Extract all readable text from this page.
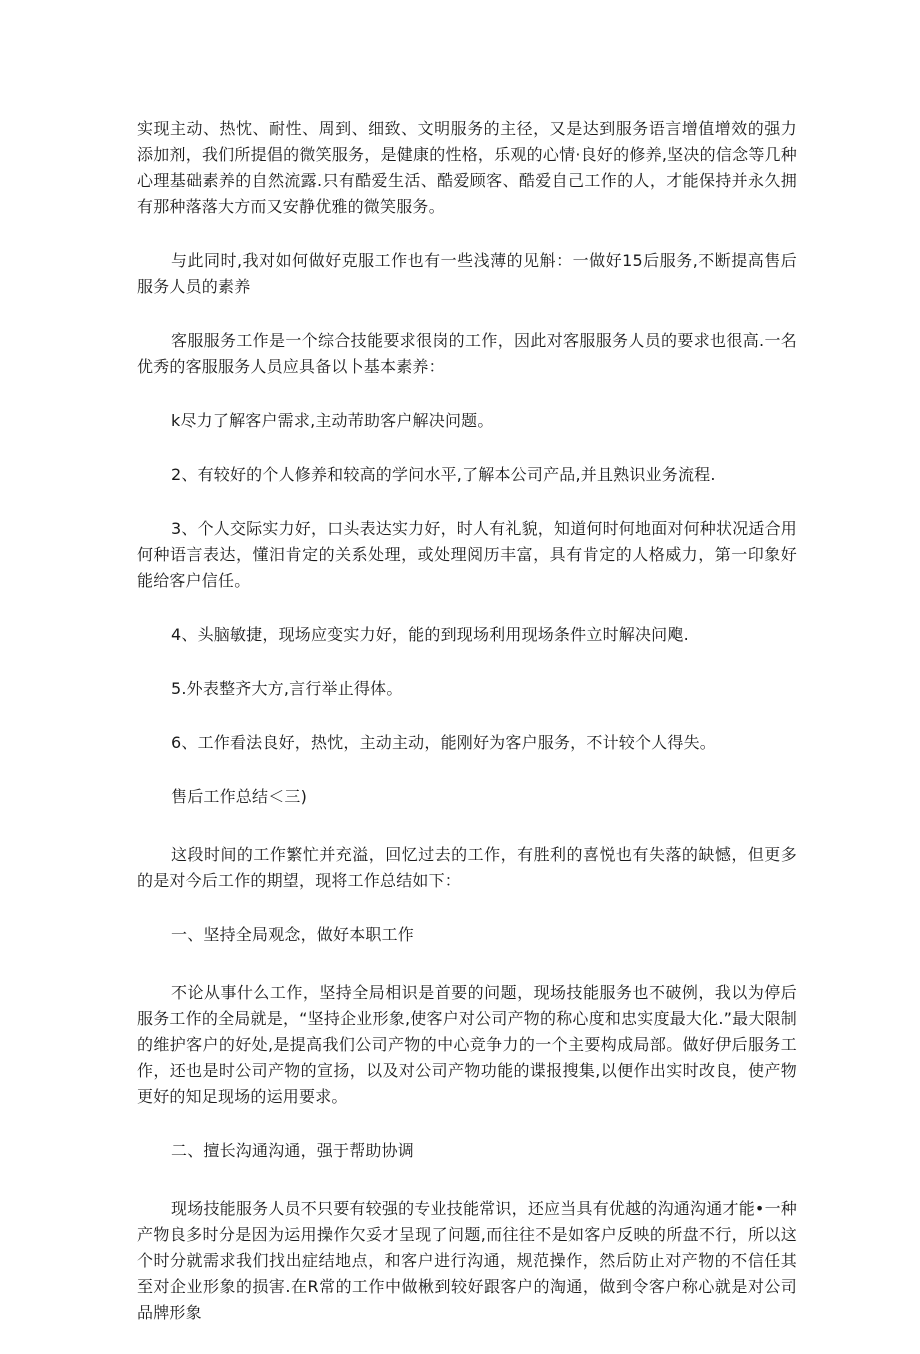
实现主动、热忱、耐性、周到、细致、文明服务的主径，又是达到服务语言增值增效的强力添加剂，我们所提倡的微笑服务，是健康的性格，乐观的心情·良好的修养,坚决的信念等几种心理基础素养的自然流露.只有酷爱生活、酷爱顾客、酷爱自己工作的人，才能保持并永久拥有那种落落大方而又安静优雅的微笑服务。

与此同时,我对如何做好克服工作也有一些浅薄的见斛：一做好15后服务,不断提高售后服务人员的素养

客服服务工作是一个综合技能要求很岗的工作，因此对客服服务人员的要求也很高.一名优秀的客服服务人员应具备以卜基本素养：

k尽力了解客户需求,主动芾助客户解决问题。

2、有较好的个人修养和较高的学问水平,了解本公司产品,并且熟识业务流程.

3、个人交际实力好，口头表达实力好，时人有礼貌，知道何时何地面对何种状况适合用何种语言表达，懂汨肯定的关系处理，或处理阅历丰富，具有肯定的人格威力，第一印象好能给客户信任。

4、头脑敏捷，现场应变实力好，能的到现场利用现场条件立时解决问飑.

5.外表整齐大方,言行举止得体。

6、工作看法良好，热忱，主动主动，能刚好为客户服务，不计较个人得失。

售后工作总结＜三)

这段时间的工作繁忙并充溢，回忆过去的工作，有胜利的喜悦也有失落的缺憾，但更多的是对今后工作的期望，现将工作总结如下：

一、坚持全局观念，做好本职工作

不论从事什么工作，坚持全局相识是首要的问题，现场技能服务也不破例，我以为停后服务工作的全局就是，“坚持企业形象,使客户对公司产物的称心度和忠实度最大化.”最大限制的维护客户的好处,是提高我们公司产物的中心竞争力的一个主要构成局部。做好伊后服务工作，还也是时公司产物的宣扬，以及对公司产物功能的谍报搜集,以便作出实时改良，使产物更好的知足现场的运用要求。

二、擅长沟通沟通，强于帮助协调

现场技能服务人员不只要有较强的专业技能常识，还应当具有优越的沟通沟通才能•一种产物良多时分是因为运用操作欠妥才呈现了问题,而往往不是如客户反映的所盘不行，所以这个时分就需求我们找出症结地点，和客户进行沟通，规范操作，然后防止对产物的不信任其至对企业形象的损害.在R常的工作中做楸到较好跟客户的淘通，做到令客户称心就是对公司品牌形象
